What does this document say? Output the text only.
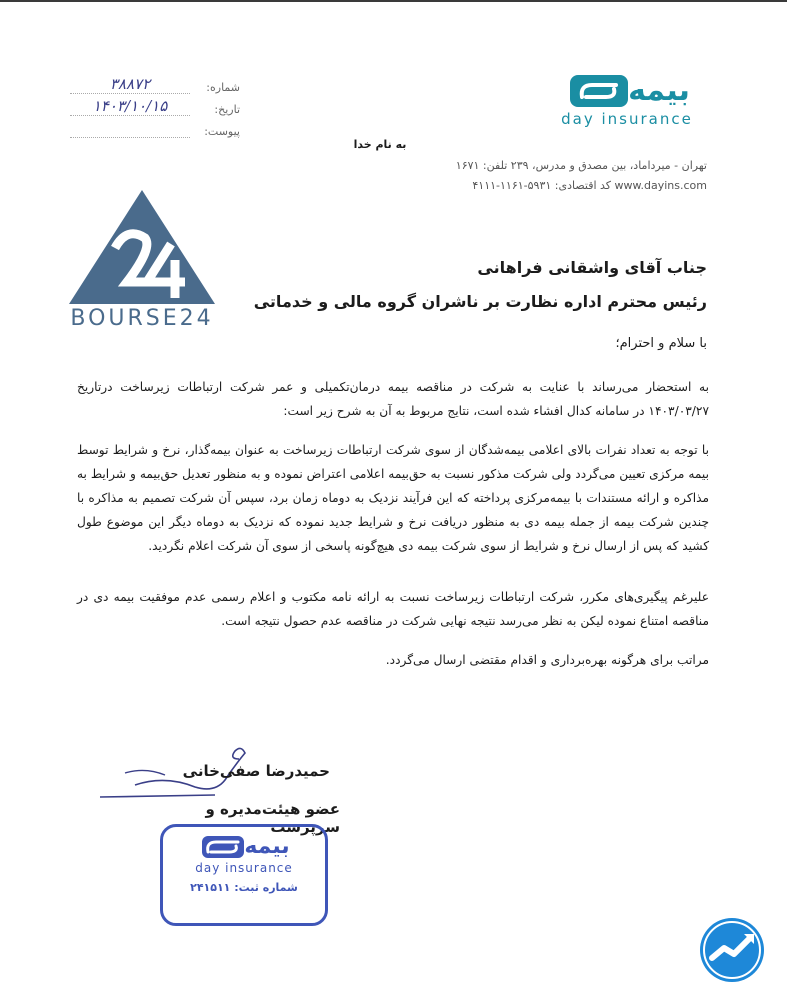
شماره:
۳۸۸۷۲
تاریخ:
۱۴۰۳/۱۰/۱۵
پیوست:
بیمه
day insurance
به نام خدا
تهران - میرداماد، بین مصدق و مدرس، ۲۳۹ تلفن: ۱۶۷۱
www.dayins.com کد اقتصادی: ۵۹۳۱-۱۱۶۱-۴۱۱۱
BOURSE24
جناب آقای واشقانی فراهانی
رئیس محترم اداره نظارت بر ناشران گروه مالی و خدماتی
با سلام و احترام؛
به استحضار می‌رساند با عنایت به شرکت در مناقصه بیمه درمان‌تکمیلی و عمر شرکت ارتباطات زیرساخت درتاریخ ۱۴۰۳/۰۳/۲۷ در سامانه کدال افشاء شده است، نتایج مربوط به آن به شرح زیر است:
با توجه به تعداد نفرات بالای اعلامی بیمه‌شدگان از سوی شرکت ارتباطات زیرساخت به عنوان بیمه‌گذار، نرخ و شرایط توسط بیمه مرکزی تعیین می‌گردد ولی شرکت مذکور نسبت به حق‌بیمه اعلامی اعتراض نموده و به منظور تعدیل حق‌بیمه و شرایط به مذاکره و ارائه مستندات با بیمه‌مرکزی پرداخته که این فرآیند نزدیک به دوماه زمان برد، سپس آن شرکت تصمیم به مذاکره با چندین شرکت بیمه از جمله بیمه دی به منظور دریافت نرخ و شرایط جدید نموده که نزدیک به دوماه دیگر این موضوع طول کشید که پس از ارسال نرخ و شرایط از سوی شرکت بیمه دی هیچ‌گونه پاسخی از سوی آن شرکت اعلام نگردید.
علیرغم پیگیری‌های مکرر، شرکت ارتباطات زیرساخت نسبت به ارائه نامه مکتوب و اعلام رسمی عدم موفقیت بیمه دی در مناقصه امتناع نموده لیکن به نظر می‌رسد نتیجه نهایی شرکت در مناقصه عدم حصول نتیجه است.
مراتب برای هرگونه بهره‌برداری و اقدام مقتضی ارسال می‌گردد.
حمیدرضا صفی‌خانی
عضو هیئت‌مدیره و سرپرست
بیمه
day insurance
شماره ثبت: ۲۴۱۵۱۱
